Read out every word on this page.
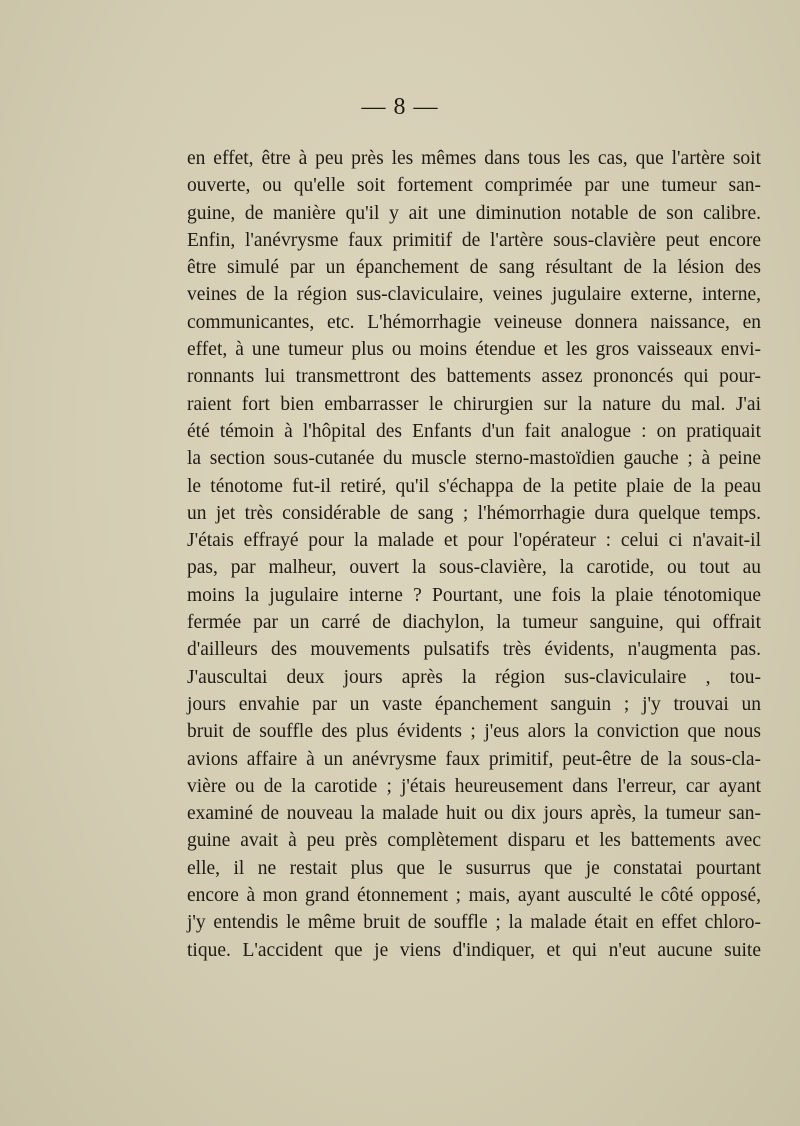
— 8 —
en effet, être à peu près les mêmes dans tous les cas, que l'artère soit
ouverte, ou qu'elle soit fortement comprimée par une tumeur san-
guine, de manière qu'il y ait une diminution notable de son calibre.
Enfin, l'anévrysme faux primitif de l'artère sous-clavière peut encore
être simulé par un épanchement de sang résultant de la lésion des
veines de la région sus-claviculaire, veines jugulaire externe, interne,
communicantes, etc. L'hémorrhagie veineuse donnera naissance, en
effet, à une tumeur plus ou moins étendue et les gros vaisseaux envi-
ronnants lui transmettront des battements assez prononcés qui pour-
raient fort bien embarrasser le chirurgien sur la nature du mal. J'ai
été témoin à l'hôpital des Enfants d'un fait analogue : on pratiquait
la section sous-cutanée du muscle sterno-mastoïdien gauche ; à peine
le ténotome fut-il retiré, qu'il s'échappa de la petite plaie de la peau
un jet très considérable de sang ; l'hémorrhagie dura quelque temps.
J'étais effrayé pour la malade et pour l'opérateur : celui ci n'avait-il
pas, par malheur, ouvert la sous-clavière, la carotide, ou tout au
moins la jugulaire interne ? Pourtant, une fois la plaie ténotomique
fermée par un carré de diachylon, la tumeur sanguine, qui offrait
d'ailleurs des mouvements pulsatifs très évidents, n'augmenta pas.
J'auscultai deux jours après la région sus-claviculaire , tou-
jours envahie par un vaste épanchement sanguin ; j'y trouvai un
bruit de souffle des plus évidents ; j'eus alors la conviction que nous
avions affaire à un anévrysme faux primitif, peut-être de la sous-cla-
vière ou de la carotide ; j'étais heureusement dans l'erreur, car ayant
examiné de nouveau la malade huit ou dix jours après, la tumeur san-
guine avait à peu près complètement disparu et les battements avec
elle, il ne restait plus que le susurrus que je constatai pourtant
encore à mon grand étonnement ; mais, ayant ausculté le côté opposé,
j'y entendis le même bruit de souffle ; la malade était en effet chloro-
tique. L'accident que je viens d'indiquer, et qui n'eut aucune suite
